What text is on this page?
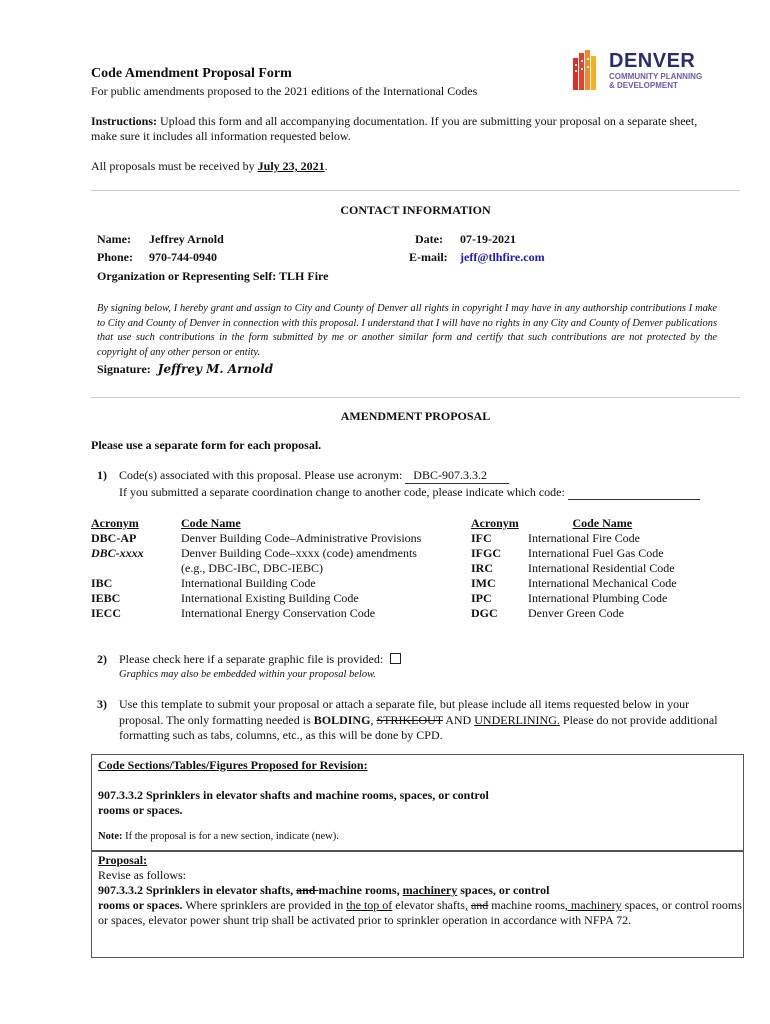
DENVER
COMMUNITY PLANNING
& DEVELOPMENT
Code Amendment Proposal Form
For public amendments proposed to the 2021 editions of the International Codes
Instructions: Upload this form and all accompanying documentation. If you are submitting your proposal on a separate sheet, make sure it includes all information requested below.
All proposals must be received by July 23, 2021.
CONTACT INFORMATION
Name: Jeffrey Arnold
Phone: 970-744-0940
Date: 07-19-2021
E-mail: jeff@tlhfire.com
Organization or Representing Self: TLH Fire
By signing below, I hereby grant and assign to City and County of Denver all rights in copyright I may have in any authorship contributions I make to City and County of Denver in connection with this proposal. I understand that I will have no rights in any City and County of Denver publications that use such contributions in the form submitted by me or another similar form and certify that such contributions are not protected by the copyright of any other person or entity.
Signature: Jeffrey M. Arnold
AMENDMENT PROPOSAL
Please use a separate form for each proposal.
1) Code(s) associated with this proposal. Please use acronym: DBC-907.3.3.2
If you submitted a separate coordination change to another code, please indicate which code:
Acronym	Code Name
DBC-AP	Denver Building Code–Administrative Provisions
DBC-xxxx	Denver Building Code–xxxx (code) amendments
	(e.g., DBC-IBC, DBC-IEBC)
IBC	International Building Code
IEBC	International Existing Building Code
IECC	International Energy Conservation Code
Acronym	Code Name
IFC	International Fire Code
IFGC	International Fuel Gas Code
IRC	International Residential Code
IMC	International Mechanical Code
IPC	International Plumbing Code
DGC	Denver Green Code
2) Please check here if a separate graphic file is provided:
Graphics may also be embedded within your proposal below.
3) Use this template to submit your proposal or attach a separate file, but please include all items requested below in your proposal. The only formatting needed is BOLDING, STRIKEOUT AND UNDERLINING. Please do not provide additional formatting such as tabs, columns, etc., as this will be done by CPD.
Code Sections/Tables/Figures Proposed for Revision:
907.3.3.2 Sprinklers in elevator shafts and machine rooms, spaces, or control rooms or spaces.
Note: If the proposal is for a new section, indicate (new).
Proposal:
Revise as follows:
907.3.3.2 Sprinklers in elevator shafts, and machine rooms, machinery spaces, or control
rooms or spaces. Where sprinklers are provided in the top of elevator shafts, and machine rooms, machinery spaces, or control rooms or spaces, elevator power shunt trip shall be activated prior to sprinkler operation in accordance with NFPA 72.
